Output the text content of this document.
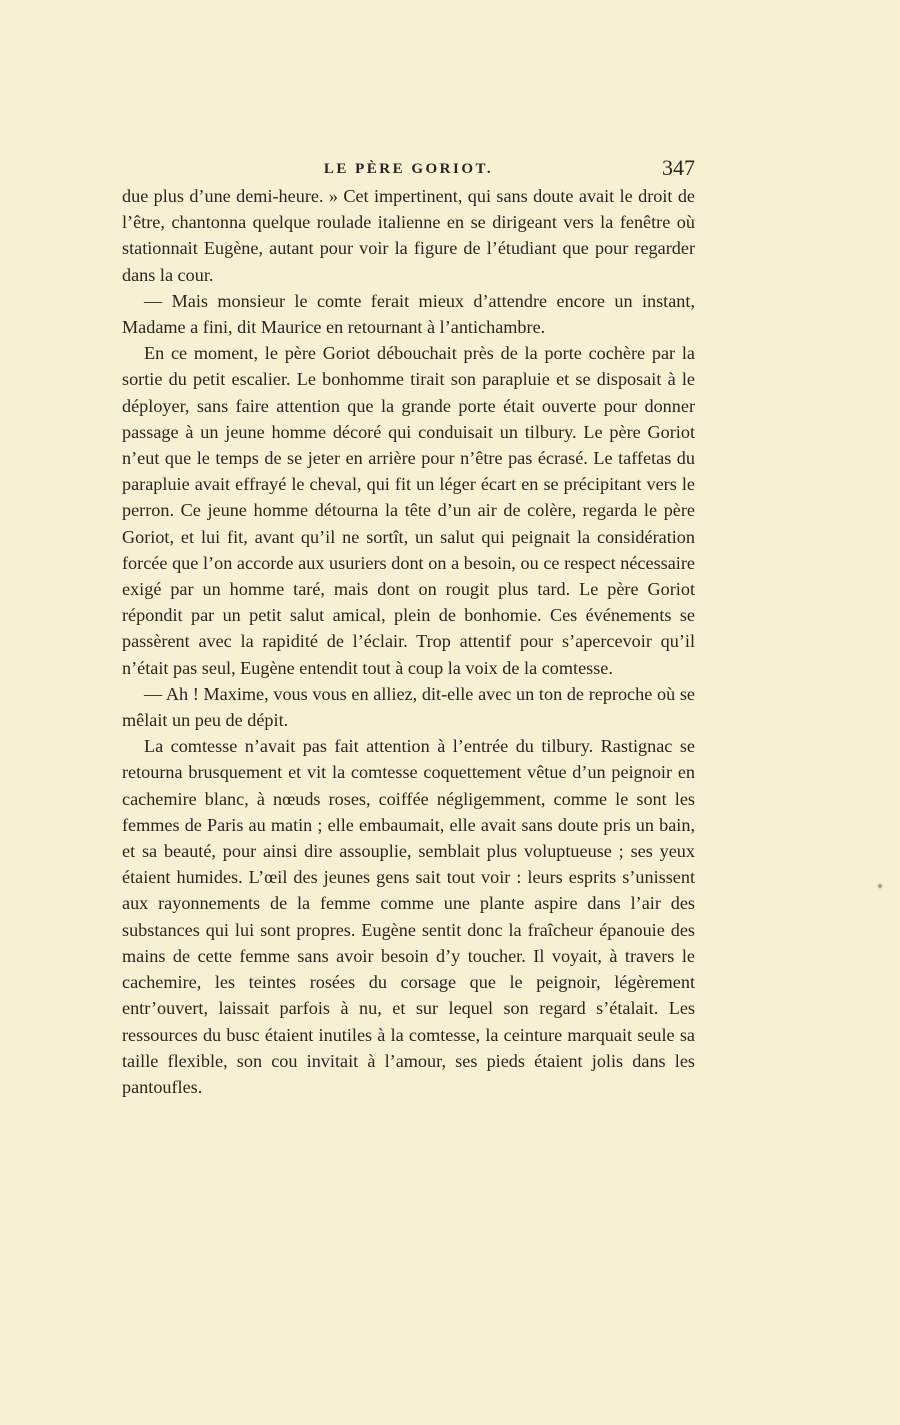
LE PÈRE GORIOT.	347

due plus d’une demi-heure. » Cet impertinent, qui sans doute avait le droit de l’être, chantonna quelque roulade italienne en se dirigeant vers la fenêtre où stationnait Eugène, autant pour voir la figure de l’étudiant que pour regarder dans la cour.

— Mais monsieur le comte ferait mieux d’attendre encore un instant, Madame a fini, dit Maurice en retournant à l’antichambre.

En ce moment, le père Goriot débouchait près de la porte cochère par la sortie du petit escalier. Le bonhomme tirait son parapluie et se disposait à le déployer, sans faire attention que la grande porte était ouverte pour donner passage à un jeune homme décoré qui conduisait un tilbury. Le père Goriot n’eut que le temps de se jeter en arrière pour n’être pas écrasé. Le taffetas du parapluie avait effrayé le cheval, qui fit un léger écart en se précipitant vers le perron. Ce jeune homme détourna la tête d’un air de colère, regarda le père Goriot, et lui fit, avant qu’il ne sortît, un salut qui peignait la considération forcée que l’on accorde aux usuriers dont on a besoin, ou ce respect nécessaire exigé par un homme taré, mais dont on rougit plus tard. Le père Goriot répondit par un petit salut amical, plein de bonhomie. Ces événements se passèrent avec la rapidité de l’éclair. Trop attentif pour s’apercevoir qu’il n’était pas seul, Eugène entendit tout à coup la voix de la comtesse.

— Ah ! Maxime, vous vous en alliez, dit-elle avec un ton de reproche où se mêlait un peu de dépit.

La comtesse n’avait pas fait attention à l’entrée du tilbury. Rastignac se retourna brusquement et vit la comtesse coquettement vêtue d’un peignoir en cachemire blanc, à nœuds roses, coiffée négligemment, comme le sont les femmes de Paris au matin ; elle embaumait, elle avait sans doute pris un bain, et sa beauté, pour ainsi dire assouplie, semblait plus voluptueuse ; ses yeux étaient humides. L’œil des jeunes gens sait tout voir : leurs esprits s’unissent aux rayonnements de la femme comme une plante aspire dans l’air des substances qui lui sont propres. Eugène sentit donc la fraîcheur épanouie des mains de cette femme sans avoir besoin d’y toucher. Il voyait, à travers le cachemire, les teintes rosées du corsage que le peignoir, légèrement entr’ouvert, laissait parfois à nu, et sur lequel son regard s’étalait. Les ressources du busc étaient inutiles à la comtesse, la ceinture marquait seule sa taille flexible, son cou invitait à l’amour, ses pieds étaient jolis dans les pantoufles.
